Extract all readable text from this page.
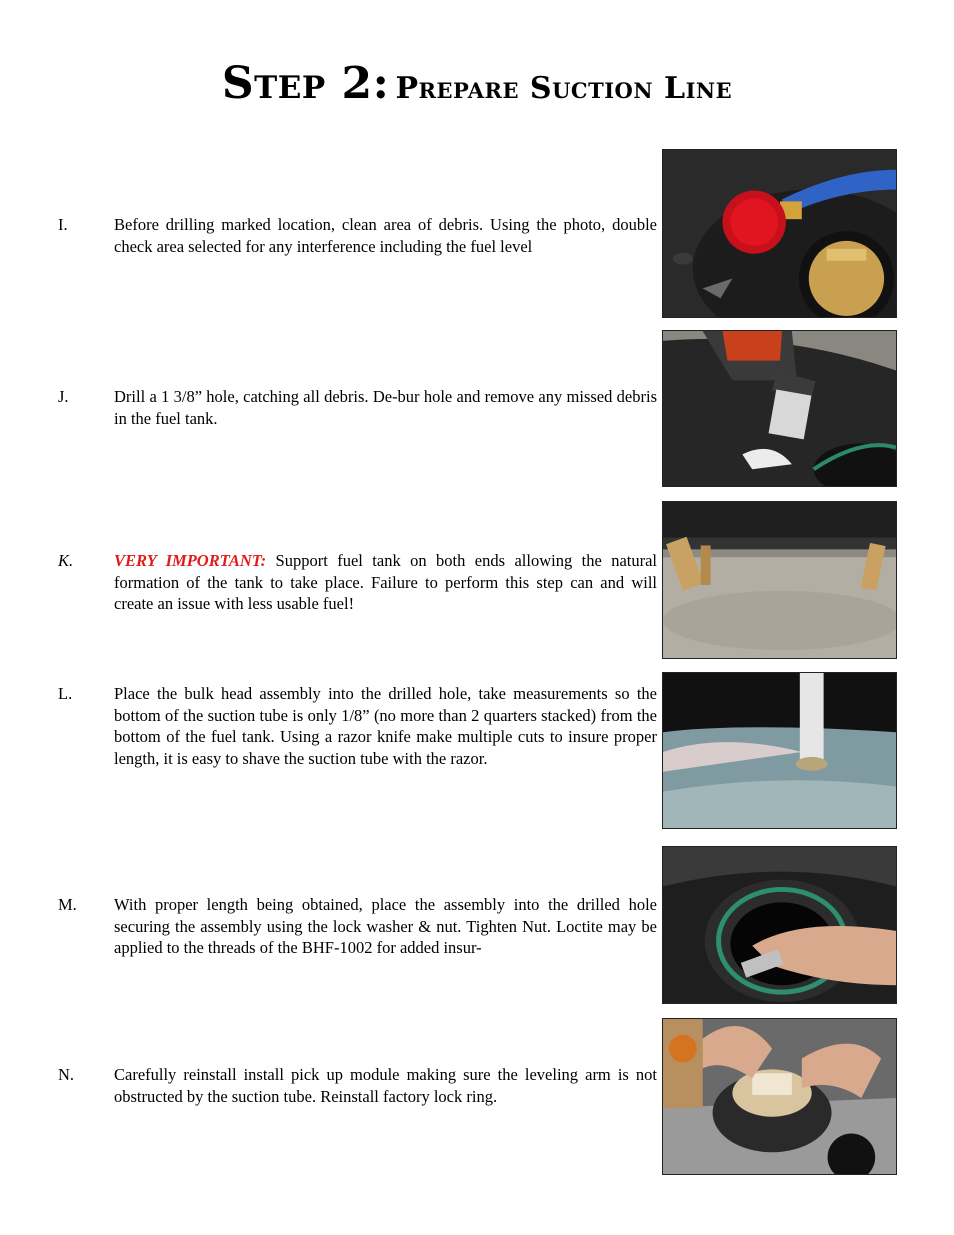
Step 2: Prepare Suction Line
I.	Before drilling marked location, clean area of debris. Using the photo, double check area selected for any interference including the fuel level
J.	Drill a 1 3/8” hole, catching all debris. De-bur hole and remove any missed debris in the fuel tank.
K. VERY IMPORTANT: Support fuel tank on both ends allowing the natural formation of the tank to take place. Failure to perform this step can and will create an issue with less usable fuel!
L.	Place the bulk head assembly into the drilled hole, take measurements so the bottom of the suction tube is only 1/8” (no more than 2 quarters stacked) from the bottom of the fuel tank. Using a razor knife make multiple cuts to insure proper length, it is easy to shave the suction tube with the razor.
M. With proper length being obtained, place the assembly into the drilled hole securing the assembly using the lock washer & nut. Tighten Nut. Loctite may be applied to the threads of the BHF-1002 for added insur-
N. Carefully reinstall install pick up module making sure the leveling arm is not obstructed by the suction tube. Reinstall factory lock ring.
